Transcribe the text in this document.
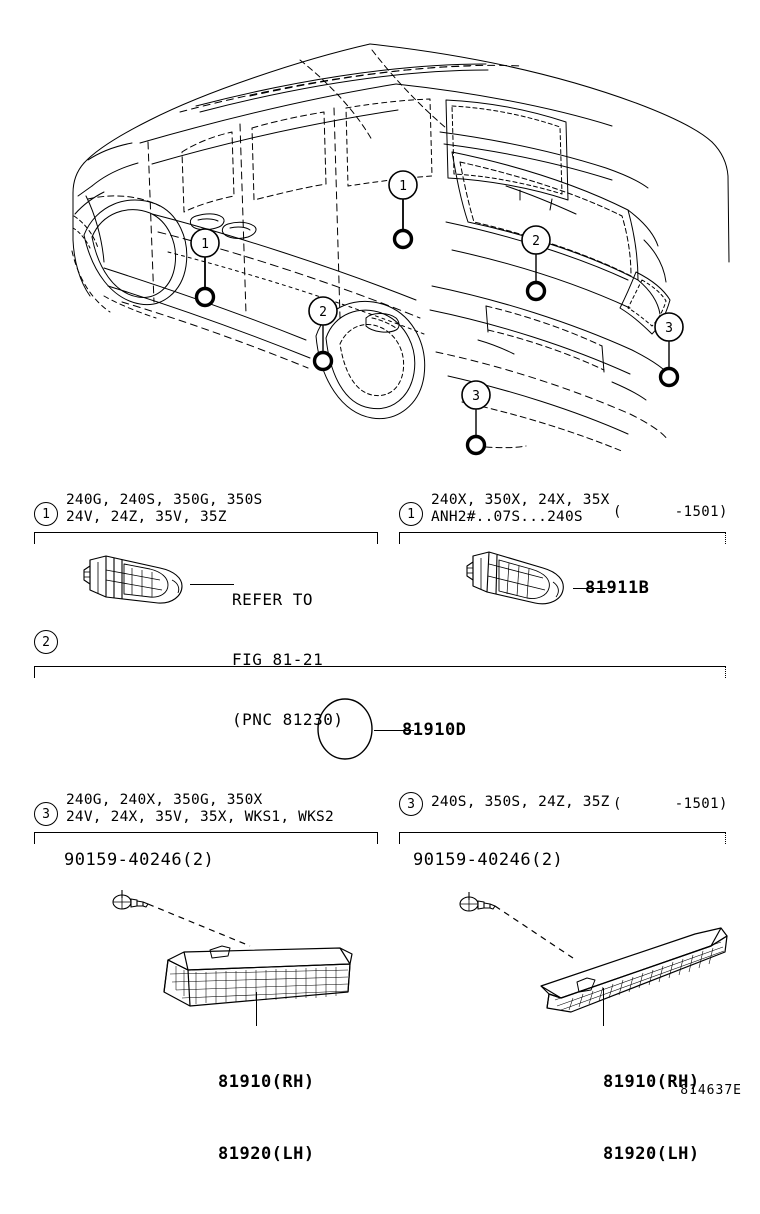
1
1	2
2
3
3
1
240G, 240S, 350G, 350S
24V, 24Z, 35V, 35Z

REFER TO

FIG 81-21

(PNC 81230)

1
240X, 350X, 24X, 35X
ANH2#..07S...240S	(      -1501)
81911B
2
81910D
3
240G, 240X, 350G, 350X
24V, 24X, 35V, 35X, WKS1, WKS2
90159-40246(2)

81910(RH)

81920(LH)

3	240S, 350S, 24Z, 35Z (      -1501)
90159-40246(2)

81910(RH)

81920(LH)

814637E
